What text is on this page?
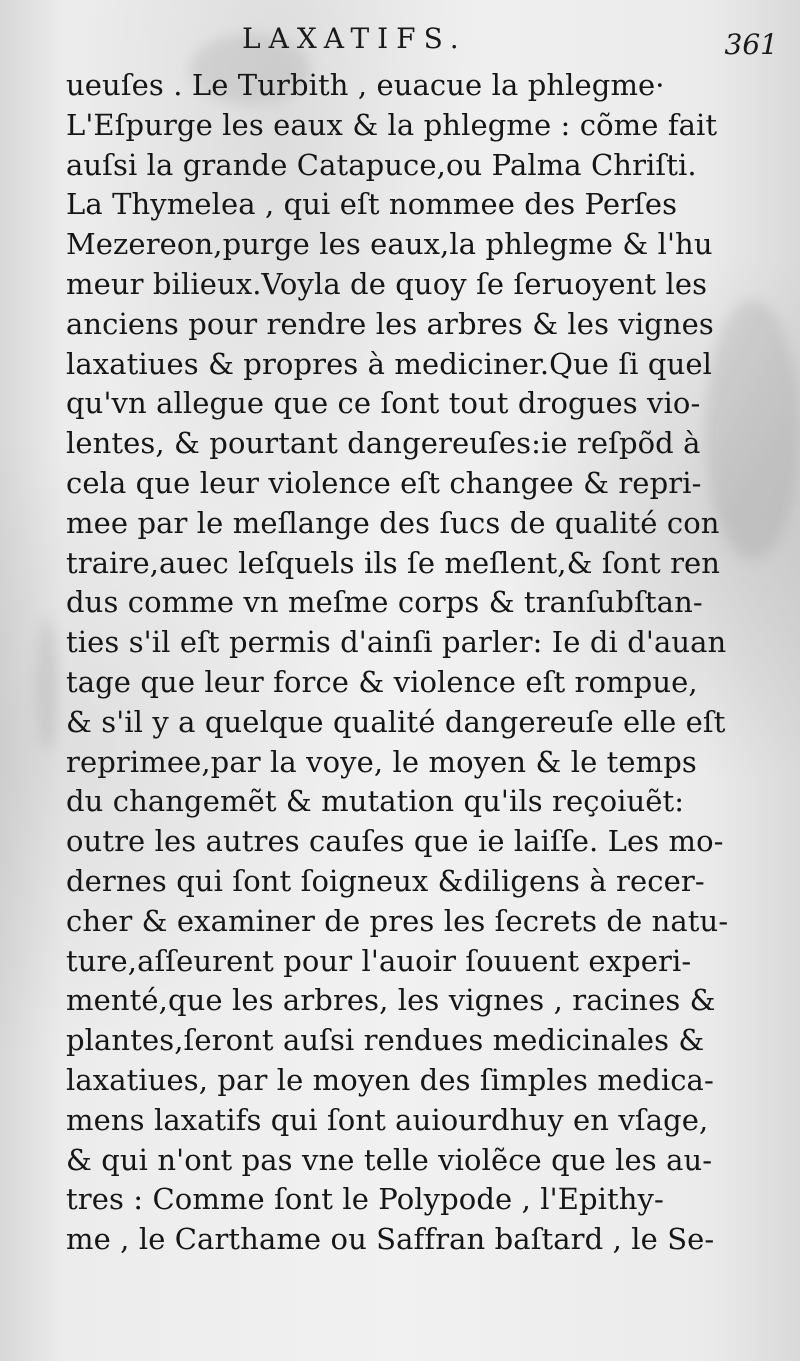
LAXATIFS.	361
ueuſes . Le Turbith , euacue la phlegme·
L'Eſpurge les eaux & la phlegme : cõme fait
auſsi la grande Catapuce,ou Palma Chriſti.
La Thymelea , qui eſt nommee des Perſes
Mezereon,purge les eaux,la phlegme & l'hu
meur bilieux.Voyla de quoy ſe ſeruoyent les
anciens pour rendre les arbres & les vignes
laxatiues & propres à mediciner.Que ſi quel
qu'vn allegue que ce ſont tout drogues vio-
lentes, & pourtant dangereuſes:ie reſpõd à
cela que leur violence eſt changee & repri-
mee par le meſlange des ſucs de qualité con
traire,auec leſquels ils ſe meſlent,& ſont ren
dus comme vn meſme corps & tranſubſtan-
ties s'il eſt permis d'ainſi parler: Ie di d'auan
tage que leur force & violence eſt rompue,
& s'il y a quelque qualité dangereuſe elle eſt
reprimee,par la voye, le moyen & le temps
du changemẽt & mutation qu'ils reçoiuẽt:
outre les autres cauſes que ie laiſſe. Les mo-
dernes qui ſont ſoigneux &diligens à recer-
cher & examiner de pres les ſecrets de natu-
ture,aſſeurent pour l'auoir ſouuent experi-
menté,que les arbres, les vignes , racines &
plantes,ſeront auſsi rendues medicinales &
laxatiues, par le moyen des ſimples medica-
mens laxatifs qui ſont auiourdhuy en vſage,
& qui n'ont pas vne telle violẽce que les au-
tres : Comme ſont le Polypode , l'Epithy-
me , le Carthame ou Saffran baſtard , le Se-
